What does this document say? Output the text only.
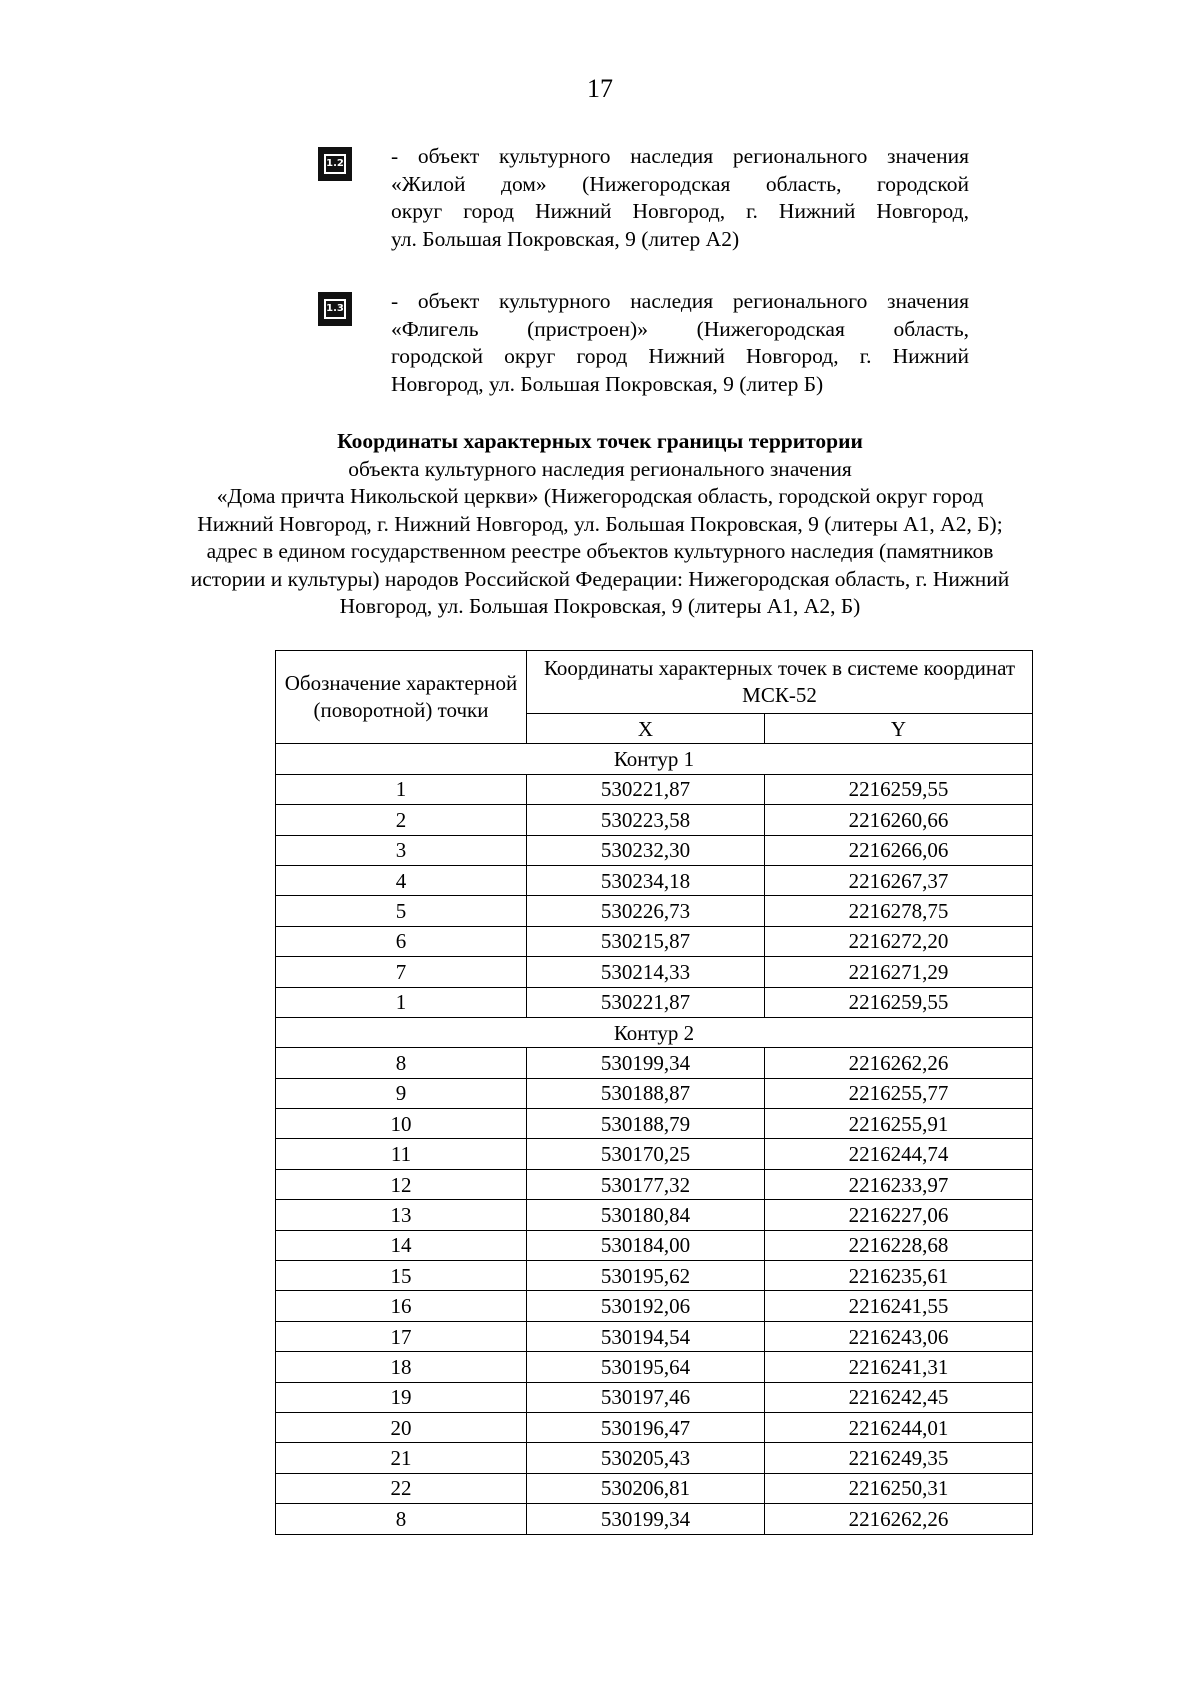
17
1.2 - объект культурного наследия регионального значения
«Жилой дом» (Нижегородская область, городской
округ город Нижний Новгород, г. Нижний Новгород,
ул. Большая Покровская, 9 (литер А2)
1.3 - объект культурного наследия регионального значения
«Флигель (пристроен)» (Нижегородская область,
городской округ город Нижний Новгород, г. Нижний
Новгород, ул. Большая Покровская, 9 (литер Б)
Координаты характерных точек границы территории
объекта культурного наследия регионального значения
«Дома причта Никольской церкви» (Нижегородская область, городской округ город
Нижний Новгород, г. Нижний Новгород, ул. Большая Покровская, 9 (литеры А1, А2, Б);
адрес в едином государственном реестре объектов культурного наследия (памятников
истории и культуры) народов Российской Федерации: Нижегородская область, г. Нижний
Новгород, ул. Большая Покровская, 9 (литеры А1, А2, Б)
Обозначение характерной (поворотной) точки	Координаты характерных точек в системе координат МСК-52	
	X	Y
Контур 1		
1	530221,87	2216259,55
2	530223,58	2216260,66
3	530232,30	2216266,06
4	530234,18	2216267,37
5	530226,73	2216278,75
6	530215,87	2216272,20
7	530214,33	2216271,29
1	530221,87	2216259,55
Контур 2		
8	530199,34	2216262,26
9	530188,87	2216255,77
10	530188,79	2216255,91
11	530170,25	2216244,74
12	530177,32	2216233,97
13	530180,84	2216227,06
14	530184,00	2216228,68
15	530195,62	2216235,61
16	530192,06	2216241,55
17	530194,54	2216243,06
18	530195,64	2216241,31
19	530197,46	2216242,45
20	530196,47	2216244,01
21	530205,43	2216249,35
22	530206,81	2216250,31
8	530199,34	2216262,26
